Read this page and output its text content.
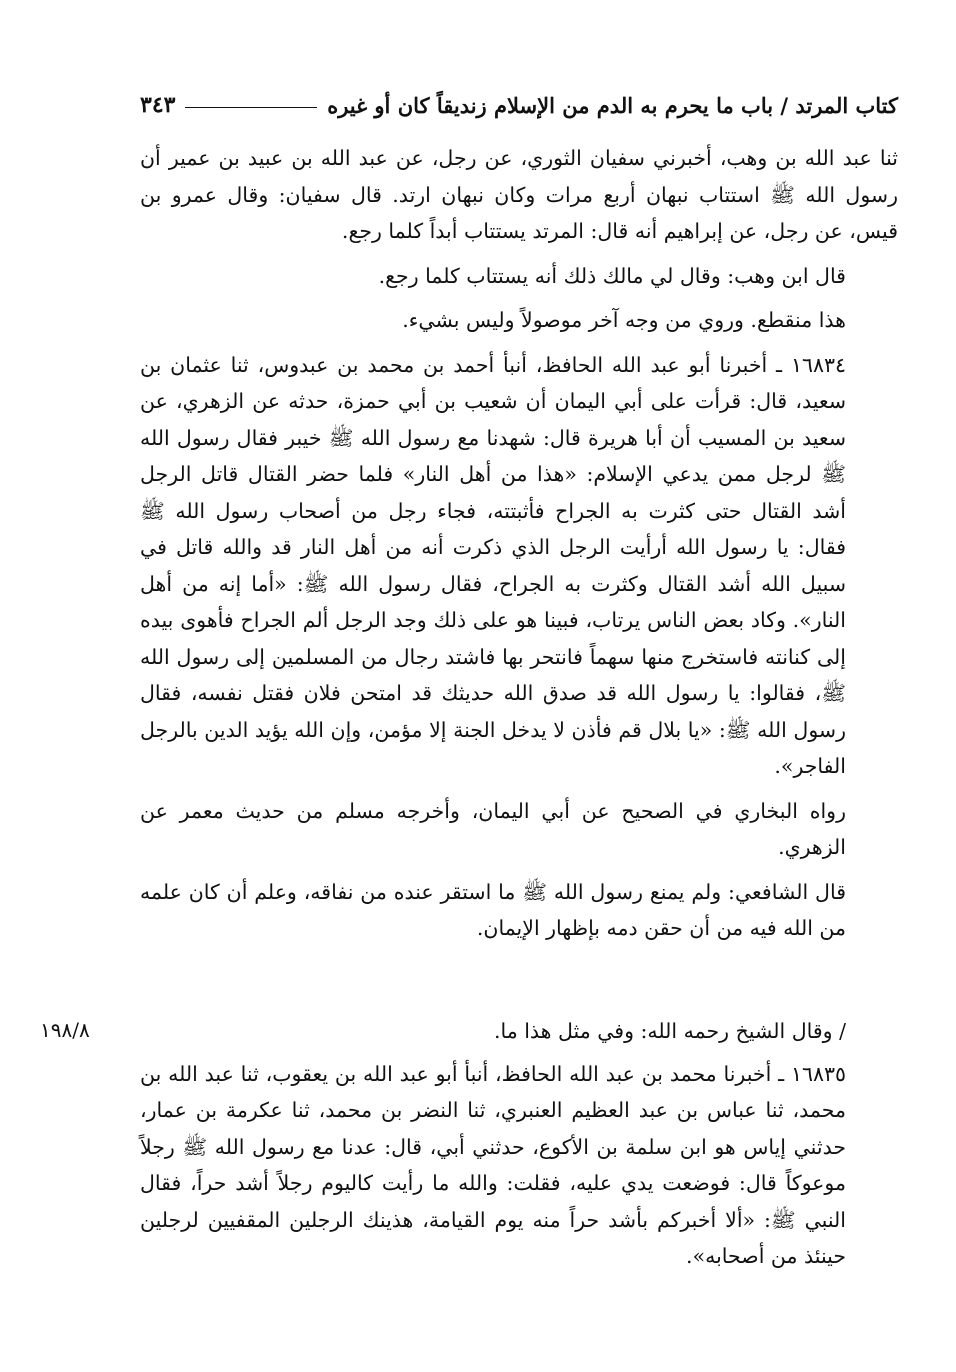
كتاب المرتد / باب ما يحرم به الدم من الإسلام زنديقاً كان أو غيره
٣٤٣

ثنا عبد الله بن وهب، أخبرني سفيان الثوري، عن رجل، عن عبد الله بن عبيد بن عمير أن رسول الله ﷺ استتاب نبهان أربع مرات وكان نبهان ارتد. قال سفيان: وقال عمرو بن قيس، عن رجل، عن إبراهيم أنه قال: المرتد يستتاب أبداً كلما رجع.

قال ابن وهب: وقال لي مالك ذلك أنه يستتاب كلما رجع.

هذا منقطع. وروي من وجه آخر موصولاً وليس بشيء.

١٦٨٣٤ ـ أخبرنا أبو عبد الله الحافظ، أنبأ أحمد بن محمد بن عبدوس، ثنا عثمان بن سعيد، قال: قرأت على أبي اليمان أن شعيب بن أبي حمزة، حدثه عن الزهري، عن سعيد بن المسيب أن أبا هريرة قال: شهدنا مع رسول الله ﷺ خيبر فقال رسول الله ﷺ لرجل ممن يدعي الإسلام: «هذا من أهل النار» فلما حضر القتال قاتل الرجل أشد القتال حتى كثرت به الجراح فأثبتته، فجاء رجل من أصحاب رسول الله ﷺ فقال: يا رسول الله أرأيت الرجل الذي ذكرت أنه من أهل النار قد والله قاتل في سبيل الله أشد القتال وكثرت به الجراح، فقال رسول الله ﷺ: «أما إنه من أهل النار». وكاد بعض الناس يرتاب، فبينا هو على ذلك وجد الرجل ألم الجراح فأهوى بيده إلى كنانته فاستخرج منها سهماً فانتحر بها فاشتد رجال من المسلمين إلى رسول الله ﷺ، فقالوا: يا رسول الله قد صدق الله حديثك قد امتحن فلان فقتل نفسه، فقال رسول الله ﷺ: «يا بلال قم فأذن لا يدخل الجنة إلا مؤمن، وإن الله يؤيد الدين بالرجل الفاجر».

رواه البخاري في الصحيح عن أبي اليمان، وأخرجه مسلم من حديث معمر عن الزهري.

قال الشافعي: ولم يمنع رسول الله ﷺ ما استقر عنده من نفاقه، وعلم أن كان علمه من الله فيه من أن حقن دمه بإظهار الإيمان.

١٩٨/٨	/ وقال الشيخ رحمه الله: وفي مثل هذا ما.

١٦٨٣٥ ـ أخبرنا محمد بن عبد الله الحافظ، أنبأ أبو عبد الله بن يعقوب، ثنا عبد الله بن محمد، ثنا عباس بن عبد العظيم العنبري، ثنا النضر بن محمد، ثنا عكرمة بن عمار، حدثني إياس هو ابن سلمة بن الأكوع، حدثني أبي، قال: عدنا مع رسول الله ﷺ رجلاً موعوكاً قال: فوضعت يدي عليه، فقلت: والله ما رأيت كاليوم رجلاً أشد حراً، فقال النبي ﷺ: «ألا أخبركم بأشد حراً منه يوم القيامة، هذينك الرجلين المقفيين لرجلين حينئذ من أصحابه».
